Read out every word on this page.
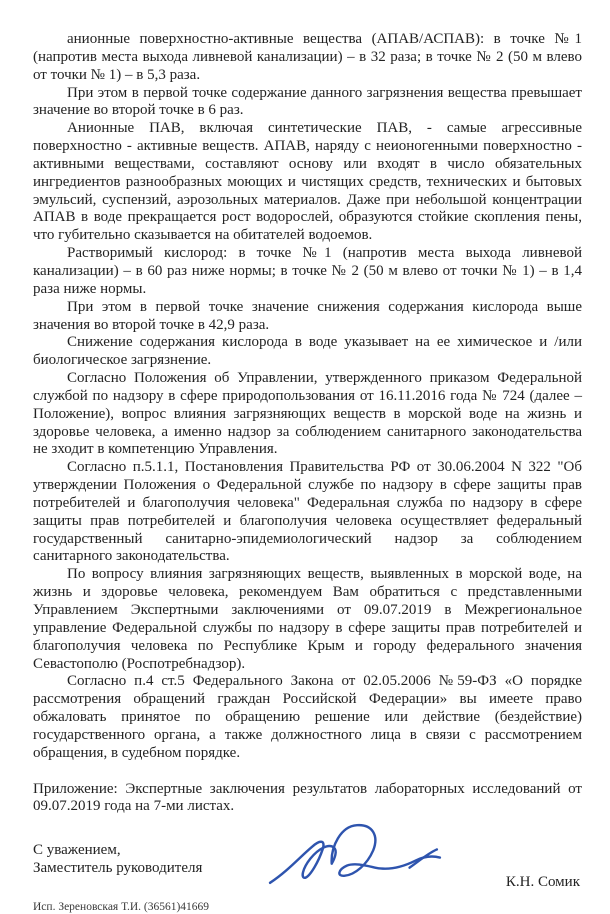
анионные поверхностно-активные вещества (АПАВ/АСПАВ): в точке №1 (напротив места выхода ливневой канализации) – в 32 раза; в точке № 2 (50 м влево от точки № 1) – в 5,3 раза.

При этом в первой точке содержание данного загрязнения вещества превышает значение во второй точке в 6 раз.

Анионные ПАВ, включая синтетические ПАВ, - самые агрессивные поверхностно - активные веществ. АПАВ, наряду с неионогенными поверхностно - активными веществами, составляют основу или входят в число обязательных ингредиентов разнообразных моющих и чистящих средств, технических и бытовых эмульсий, суспензий, аэрозольных материалов. Даже при небольшой концентрации АПАВ в воде прекращается рост водорослей, образуются стойкие скопления пены, что губительно сказывается на обитателей водоемов.

Растворимый кислород: в точке №1 (напротив места выхода ливневой канализации) – в 60 раз ниже нормы; в точке № 2 (50 м влево от точки № 1) – в 1,4 раза ниже нормы.

При этом в первой точке значение снижения содержания кислорода выше значения во второй точке в 42,9 раза.

Снижение содержания кислорода в воде указывает на ее химическое и /или биологическое загрязнение.

Согласно Положения об Управлении, утвержденного приказом Федеральной службой по надзору в сфере природопользования от 16.11.2016 года № 724 (далее – Положение), вопрос влияния загрязняющих веществ в морской воде на жизнь и здоровье человека, а именно надзор за соблюдением санитарного законодательства не зходит в компетенцию Управления.

Согласно п.5.1.1, Постановления Правительства РФ от 30.06.2004 N 322 "Об утверждении Положения о Федеральной службе по надзору в сфере защиты прав потребителей и благополучия человека" Федеральная служба по надзору в сфере защиты прав потребителей и благополучия человека осуществляет федеральный государственный санитарно-эпидемиологический надзор за соблюдением санитарного законодательства.

По вопросу влияния загрязняющих веществ, выявленных в морской воде, на жизнь и здоровье человека, рекомендуем Вам обратиться с представленными Управлением Экспертными заключениями от 09.07.2019 в Межрегиональное управление Федеральной службы по надзору в сфере защиты прав потребителей и благополучия человека по Республике Крым и городу федерального значения Севастополю (Роспотребнадзор).

Согласно п.4 ст.5 Федерального Закона от 02.05.2006 №59-ФЗ «О порядке рассмотрения обращений граждан Российской Федерации» вы имеете право обжаловать принятое по обращению решение или действие (бездействие) государственного органа, а также должностного лица в связи с рассмотрением обращения, в судебном порядке.

Приложение: Экспертные заключения результатов лабораторных исследований от 09.07.2019 года на 7-ми листах.

С уважением,
Заместитель руководителя
К.Н. Сомик
Исп. Зереновская Т.И. (36561)41669
